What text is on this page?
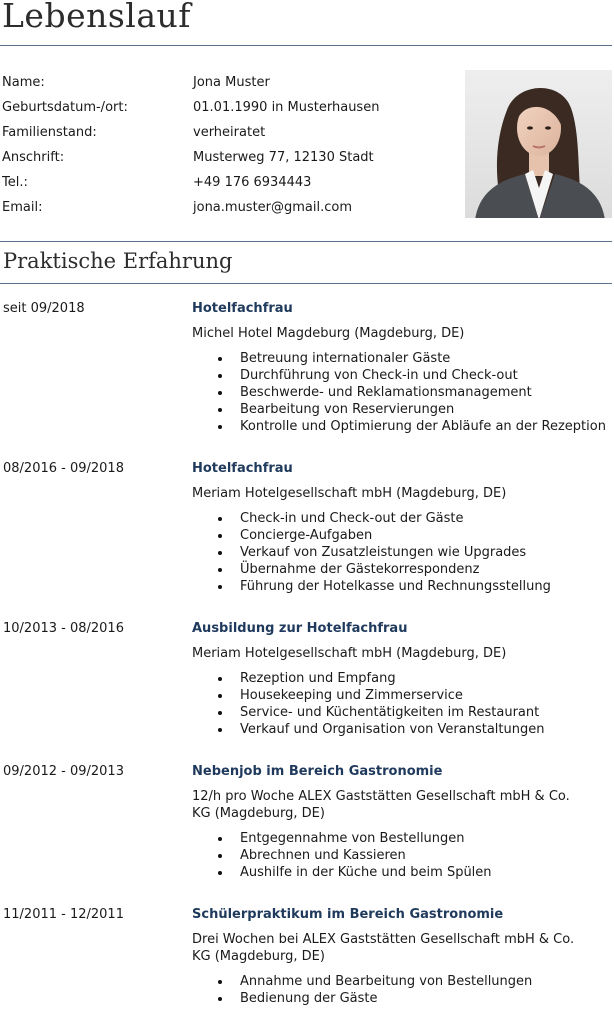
Lebenslauf
Name:	Jona Muster
Geburtsdatum-/ort:	01.01.1990 in Musterhausen
Familienstand:	verheiratet
Anschrift:	Musterweg 77, 12130 Stadt
Tel.:	+49 176 6934443
Email:	jona.muster@gmail.com
Praktische Erfahrung
seit 09/2018	Hotelfachfrau
Michel Hotel Magdeburg (Magdeburg, DE)
Betreuung internationaler Gäste
Durchführung von Check-in und Check-out
Beschwerde- und Reklamationsmanagement
Bearbeitung von Reservierungen
Kontrolle und Optimierung der Abläufe an der Rezeption
08/2016 - 09/2018	Hotelfachfrau
Meriam Hotelgesellschaft mbH (Magdeburg, DE)
Check-in und Check-out der Gäste
Concierge-Aufgaben
Verkauf von Zusatzleistungen wie Upgrades
Übernahme der Gästekorrespondenz
Führung der Hotelkasse und Rechnungsstellung
10/2013 - 08/2016	Ausbildung zur Hotelfachfrau
Meriam Hotelgesellschaft mbH (Magdeburg, DE)
Rezeption und Empfang
Housekeeping und Zimmerservice
Service- und Küchentätigkeiten im Restaurant
Verkauf und Organisation von Veranstaltungen
09/2012 - 09/2013	Nebenjob im Bereich Gastronomie
12/h pro Woche ALEX Gaststätten Gesellschaft mbH & Co. KG (Magdeburg, DE)
Entgegennahme von Bestellungen
Abrechnen und Kassieren
Aushilfe in der Küche und beim Spülen
11/2011 - 12/2011	Schülerpraktikum im Bereich Gastronomie
Drei Wochen bei ALEX Gaststätten Gesellschaft mbH & Co. KG (Magdeburg, DE)
Annahme und Bearbeitung von Bestellungen
Bedienung der Gäste
